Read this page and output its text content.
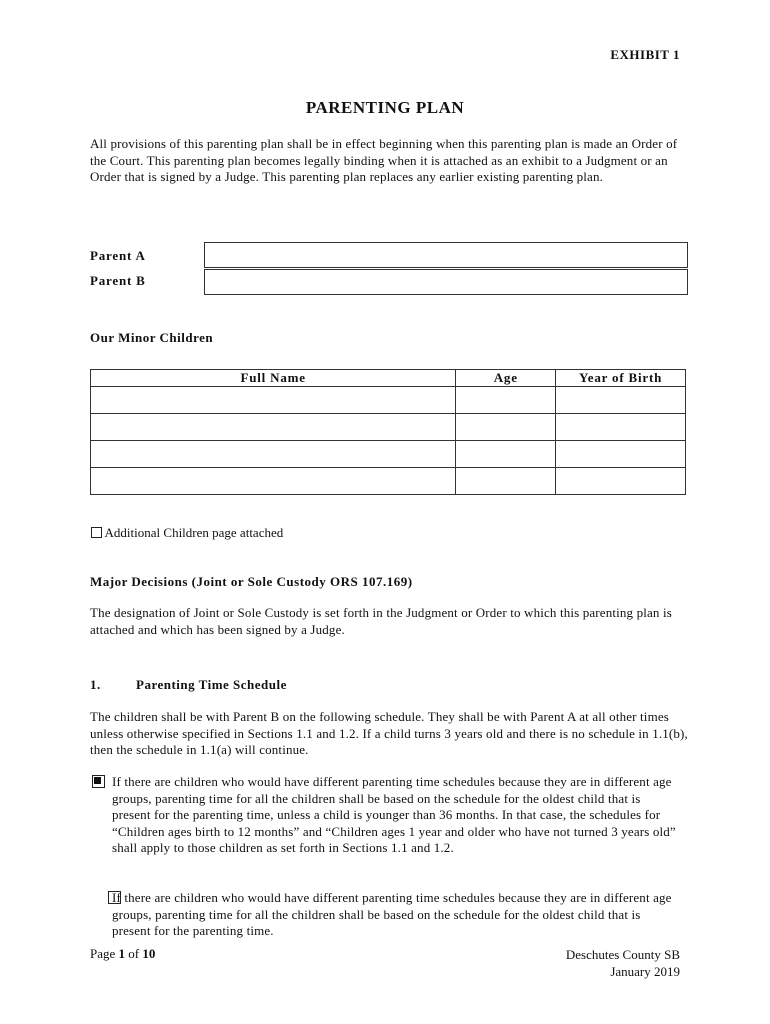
EXHIBIT 1
PARENTING PLAN
All provisions of this parenting plan shall be in effect beginning when this parenting plan is made an Order of the Court. This parenting plan becomes legally binding when it is attached as an exhibit to a Judgment or an Order that is signed by a Judge. This parenting plan replaces any earlier existing parenting plan.
Parent A
Parent B
Our Minor Children
Full Name	Age	Year of Birth

Additional Children page attached
Major Decisions (Joint or Sole Custody ORS 107.169)
The designation of Joint or Sole Custody is set forth in the Judgment or Order to which this parenting plan is attached and which has been signed by a Judge.
1.	Parenting Time Schedule
The children shall be with Parent B on the following schedule. They shall be with Parent A at all other times unless otherwise specified in Sections 1.1 and 1.2. If a child turns 3 years old and there is no schedule in 1.1(b), then the schedule in 1.1(a) will continue.

If there are children who would have different parenting time schedules because they are in different age groups, parenting time for all the children shall be based on the schedule for the oldest child that is present for the parenting time, unless a child is younger than 36 months. In that case, the schedules for “Children ages birth to 12 months” and “Children ages 1 year and older who have not turned 3 years old” shall apply to those children as set forth in Sections 1.1 and 1.2.
If there are children who would have different parenting time schedules because they are in different age groups, parenting time for all the children shall be based on the schedule for the oldest child that is present for the parenting time.
Page 1 of 10	Deschutes County SB
January 2019
